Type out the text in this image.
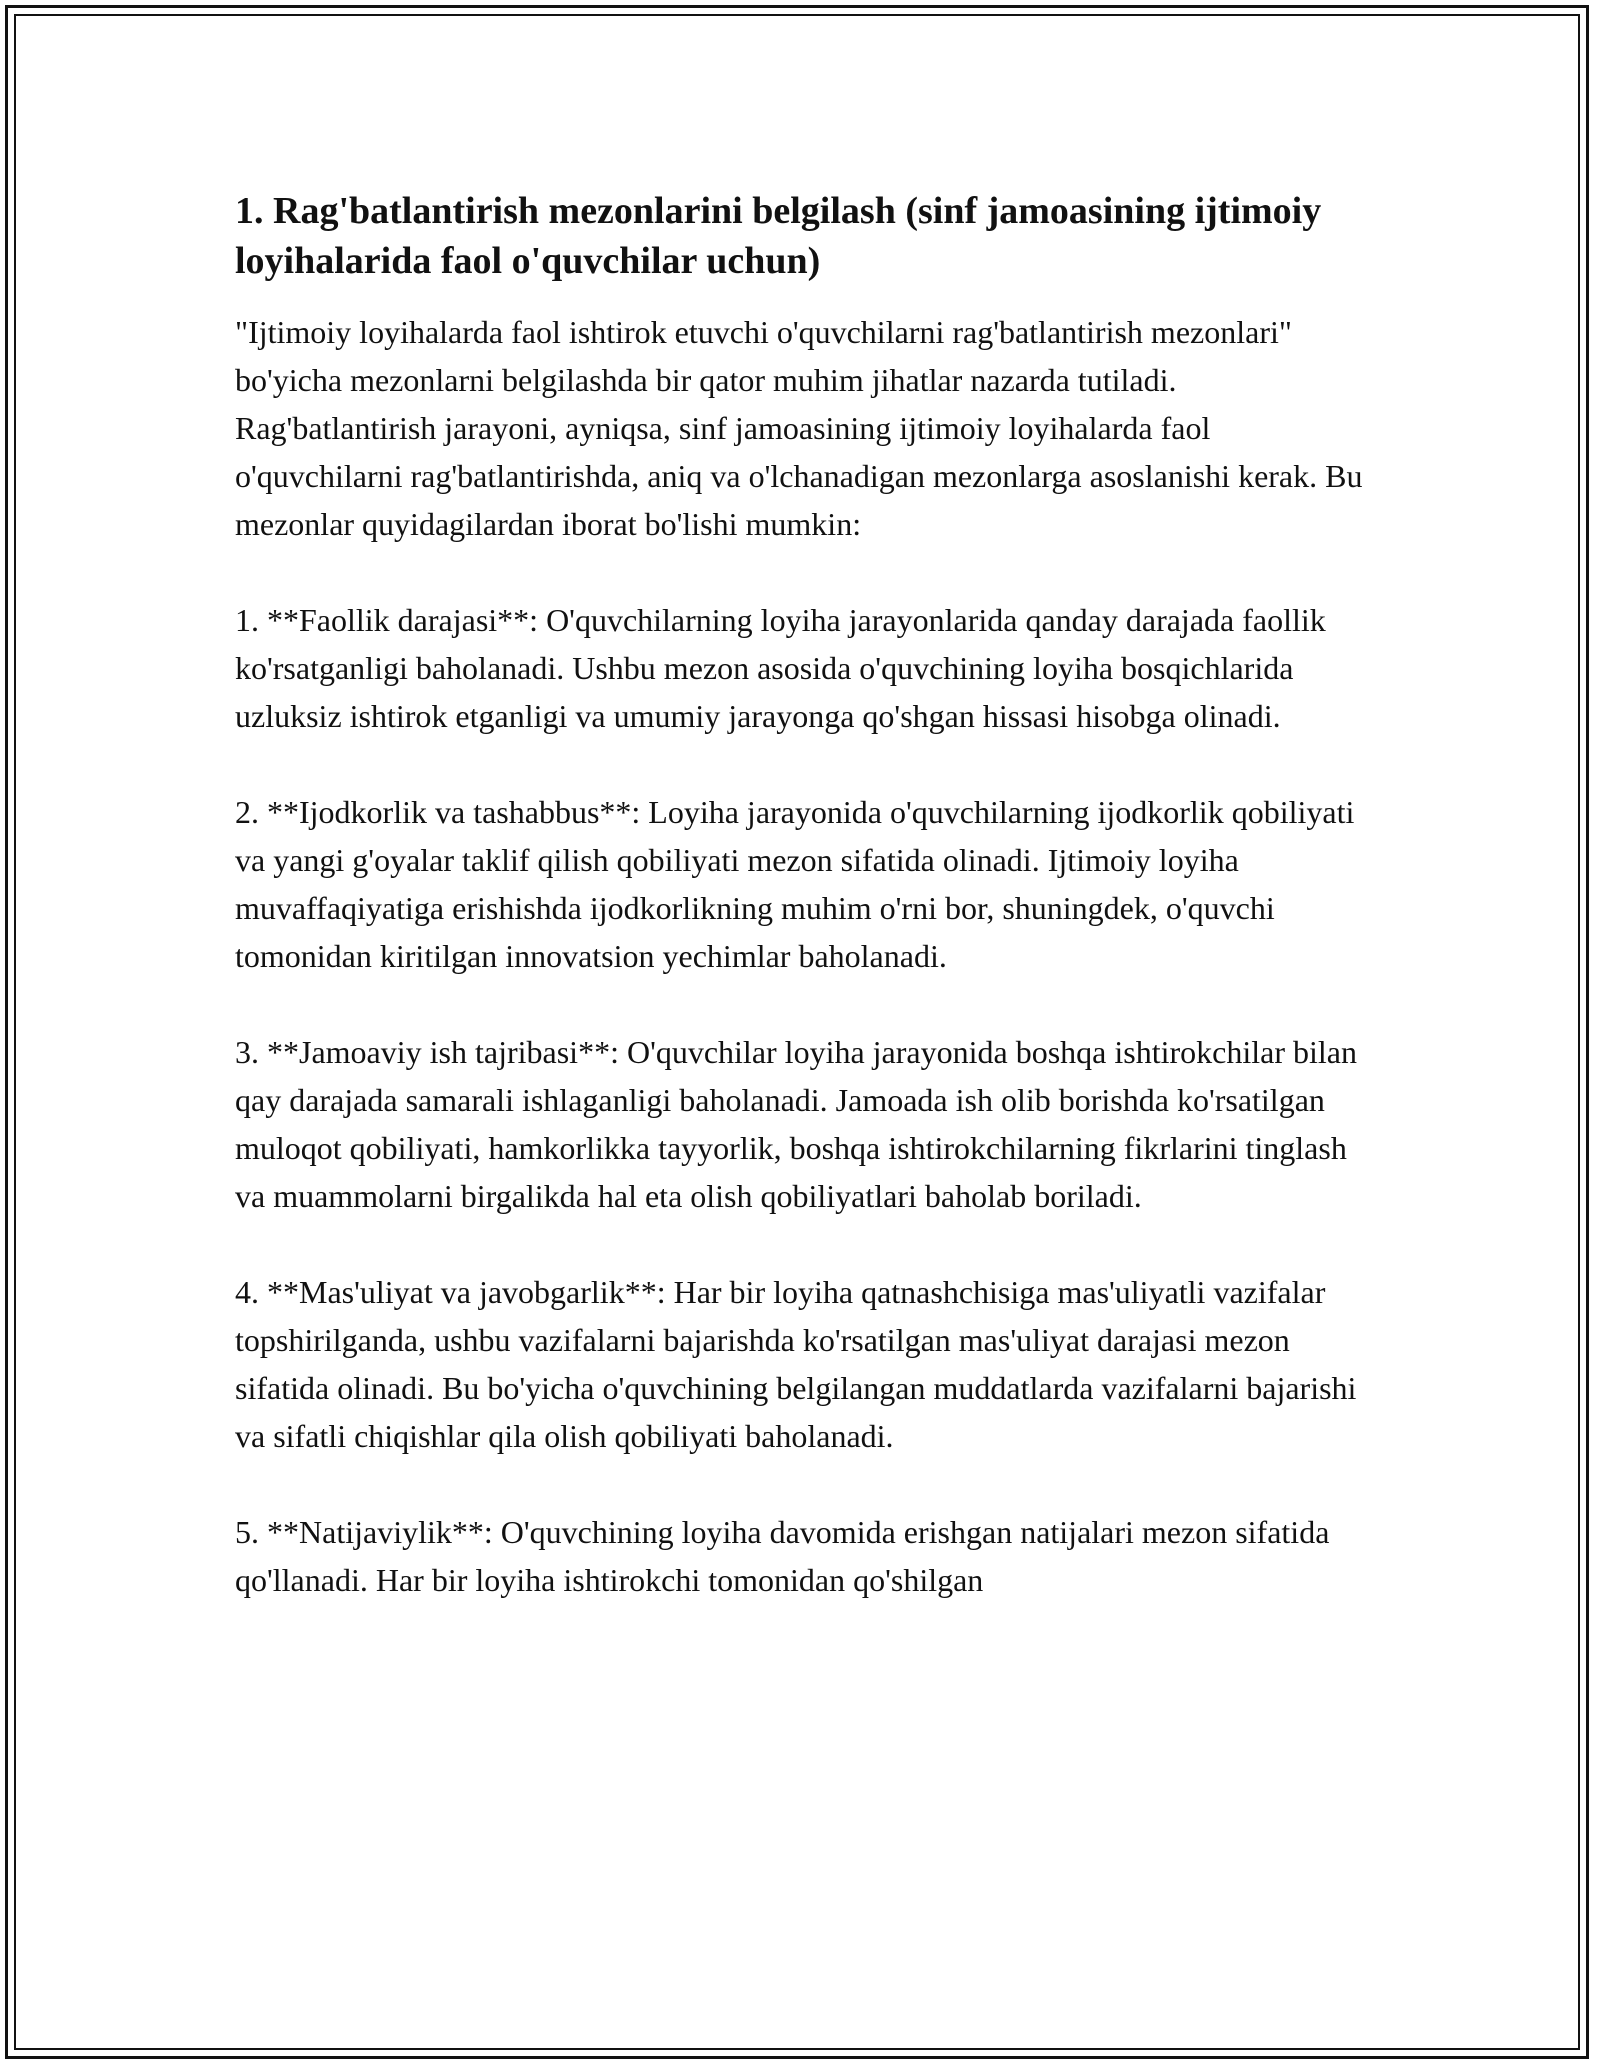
1. Rag'batlantirish mezonlarini belgilash (sinf jamoasining ijtimoiy loyihalarida faol o'quvchilar uchun)

"Ijtimoiy loyihalarda faol ishtirok etuvchi o'quvchilarni rag'batlantirish mezonlari" bo'yicha mezonlarni belgilashda bir qator muhim jihatlar nazarda tutiladi. Rag'batlantirish jarayoni, ayniqsa, sinf jamoasining ijtimoiy loyihalarda faol o'quvchilarni rag'batlantirishda, aniq va o'lchanadigan mezonlarga asoslanishi kerak. Bu mezonlar quyidagilardan iborat bo'lishi mumkin:

1. **Faollik darajasi**: O'quvchilarning loyiha jarayonlarida qanday darajada faollik ko'rsatganligi baholanadi. Ushbu mezon asosida o'quvchining loyiha bosqichlarida uzluksiz ishtirok etganligi va umumiy jarayonga qo'shgan hissasi hisobga olinadi.

2. **Ijodkorlik va tashabbus**: Loyiha jarayonida o'quvchilarning ijodkorlik qobiliyati va yangi g'oyalar taklif qilish qobiliyati mezon sifatida olinadi. Ijtimoiy loyiha muvaffaqiyatiga erishishda ijodkorlikning muhim o'rni bor, shuningdek, o'quvchi tomonidan kiritilgan innovatsion yechimlar baholanadi.

3. **Jamoaviy ish tajribasi**: O'quvchilar loyiha jarayonida boshqa ishtirokchilar bilan qay darajada samarali ishlaganligi baholanadi. Jamoada ish olib borishda ko'rsatilgan muloqot qobiliyati, hamkorlikka tayyorlik, boshqa ishtirokchilarning fikrlarini tinglash va muammolarni birgalikda hal eta olish qobiliyatlari baholab boriladi.

4. **Mas'uliyat va javobgarlik**: Har bir loyiha qatnashchisiga mas'uliyatli vazifalar topshirilganda, ushbu vazifalarni bajarishda ko'rsatilgan mas'uliyat darajasi mezon sifatida olinadi. Bu bo'yicha o'quvchining belgilangan muddatlarda vazifalarni bajarishi va sifatli chiqishlar qila olish qobiliyati baholanadi.

5. **Natijaviylik**: O'quvchining loyiha davomida erishgan natijalari mezon sifatida qo'llanadi. Har bir loyiha ishtirokchi tomonidan qo'shilgan
